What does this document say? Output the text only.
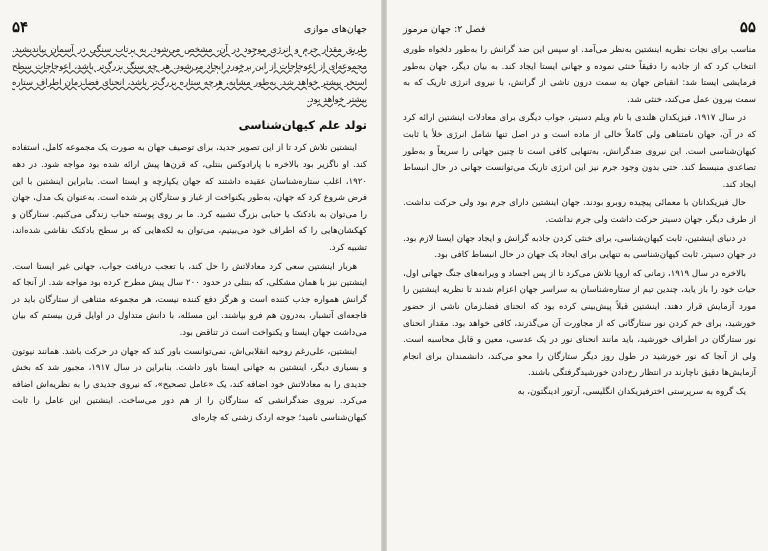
جهان‌های موازی
۵۴

طریق مقدار جرم و انرژی موجود در آن، مشخص می‌شود. به پرتاب سنگی در آسمان بیاندیشید. مجموعه‌ای از اعوجاجات از این برخورد ایجاد می‌شود. هر چه سنگ بزرگ‌تر باشد، اعوجاجات سطح استخر بیشتر خواهد شد. به‌طور مشابه، هرچه ستاره بزرگ‌تر باشد، انحنای فضا‌ـ‌زمان اطراف ستاره بیشتر خواهد بود.

تولد علم کیهان‌شناسی

اینشتین تلاش کرد تا از این تصویر جدید، برای توصیف جهان به صورت یک مجموعه کامل، استفاده کند. او ناگزیر بود بالاخره با پارادوکس بنتلی، که قرن‌ها پیش ارائه شده بود مواجه شود. در دهه ۱۹۲۰، اغلب ستاره‌شناسان عقیده داشتند که جهان یکپارچه و ایستا است. بنابراین اینشتین با این فرض شروع کرد که جهان، به‌طور یکنواخت از غبار و ستارگان پر شده است. به‌عنوان یک مدل، جهان را می‌توان به بادکنک یا حبابی بزرگ تشبیه کرد. ما بر روی پوسته حباب زندگی می‌کنیم. ستارگان و کهکشان‌هایی را که اطراف خود می‌بینیم، می‌توان به لکه‌هایی که بر سطح بادکنک نقاشی شده‌اند، تشبیه کرد.

هربار اینشتین سعی کرد معادلاتش را حل کند، با تعجب دریافت جواب، جهانی غیر ایستا است. اینشتین نیز با همان مشکلی، که بنتلی در حدود ۲۰۰ سال پیش مطرح کرده بود مواجه شد. از آنجا که گرانش همواره جذب کننده است و هرگز دفع کننده نیست، هر مجموعه متناهی از ستارگان باید در فاجعه‌ای آتشبار، به‌درون هم فرو بپاشند. این مسئله، با دانش متداول در اوایل قرن بیستم که بیان می‌داشت جهان ایستا و یکنواخت است در تناقض بود.

اینشتین، علی‌رغم روحیه انقلابی‌اش، نمی‌توانست باور کند که جهان در حرکت باشد. همانند نیوتون و بسیاری دیگر، اینشتین به جهانی ایستا باور داشت. بنابراین در سال ۱۹۱۷، مجبور شد که بخش جدیدی را به معادلاتش خود اضافه کند، یک «عامل تصحیح»، که نیروی جدیدی را به نظریه‌اش اضافه می‌کرد. نیروی ضدگرانشی که ستارگان را از هم دور می‌ساخت. اینشتین این عامل را ثابت کیهان‌شناسی نامید؛ جوجه اردک زشتی که چاره‌ای

۵۵
فصل ۲: جهان مرموز

مناسب برای نجات نظریه اینشتین به‌نظر می‌آمد. او سپس این ضد گرانش را به‌طور دلخواه طوری انتخاب کرد که از جاذبه را دقیقاً خنثی نموده و جهانی ایستا ایجاد کند. به بیان دیگر، جهان به‌طور فرمایشی ایستا شد: انقباض جهان به سمت درون ناشی از گرانش، با نیروی انرژی تاریک که به سمت بیرون عمل می‌کند، خنثی شد.

در سال ۱۹۱۷، فیزیکدان هلندی با نام ویلم دسیتر، جواب دیگری برای معادلات اینشتین ارائه کرد که در آن، جهان نامتناهی ولی کاملاً خالی از ماده است و در اصل تنها شامل انرژی خلأ یا ثابت کیهان‌شناسی است. این نیروی ضدگرانش، به‌تنهایی کافی است تا چنین جهانی را سریعاً و به‌طور تصاعدی منبسط کند. حتی بدون وجود جرم نیز این انرژی تاریک می‌توانست جهانی در حال انبساط ایجاد کند.

حال فیزیکدانان با معمائی پیچیده روبرو بودند. جهان اینشتین دارای جرم بود ولی حرکت نداشت. از طرف دیگر، جهان دسیتر حرکت داشت ولی جرم نداشت.

در دنیای اینشتین، ثابت کیهان‌شناسی، برای خنثی کردن جاذبه گرانش و ایجاد جهان ایستا لازم بود. در جهان دسیتر، ثابت کیهان‌شناسی به تنهایی برای ایجاد یک جهان در حال انبساط کافی بود.

بالاخره در سال ۱۹۱۹، زمانی که اروپا تلاش می‌کرد تا از پس اجساد و ویرانه‌های جنگ جهانی اول، حیات خود را باز یابد، چندین تیم از ستاره‌شناسان به سراسر جهان اعزام شدند تا نظریه اینشتین را مورد آزمایش قرار دهند. اینشتین قبلاً پیش‌بینی کرده بود که انحنای فضا‌ـ‌زمان ناشی از حضور خورشید، برای خم کردن نور ستارگانی که از مجاورت آن می‌گذرند، کافی خواهد بود. مقدار انحنای نور ستارگان در اطراف خورشید، باید مانند انحنای نور در یک عدسی، معین و قابل محاسبه است. ولی از آنجا که نور خورشید در طول روز دیگر ستارگان را محو می‌کند، دانشمندان برای انجام آزمایش‌ها دقیق ناچارند در انتظار رخ‌دادن خورشیدگرفتگی باشند.

یک گروه به سرپرستی اخترفیزیکدان انگلیسی، آرتور ادینگتون، به
